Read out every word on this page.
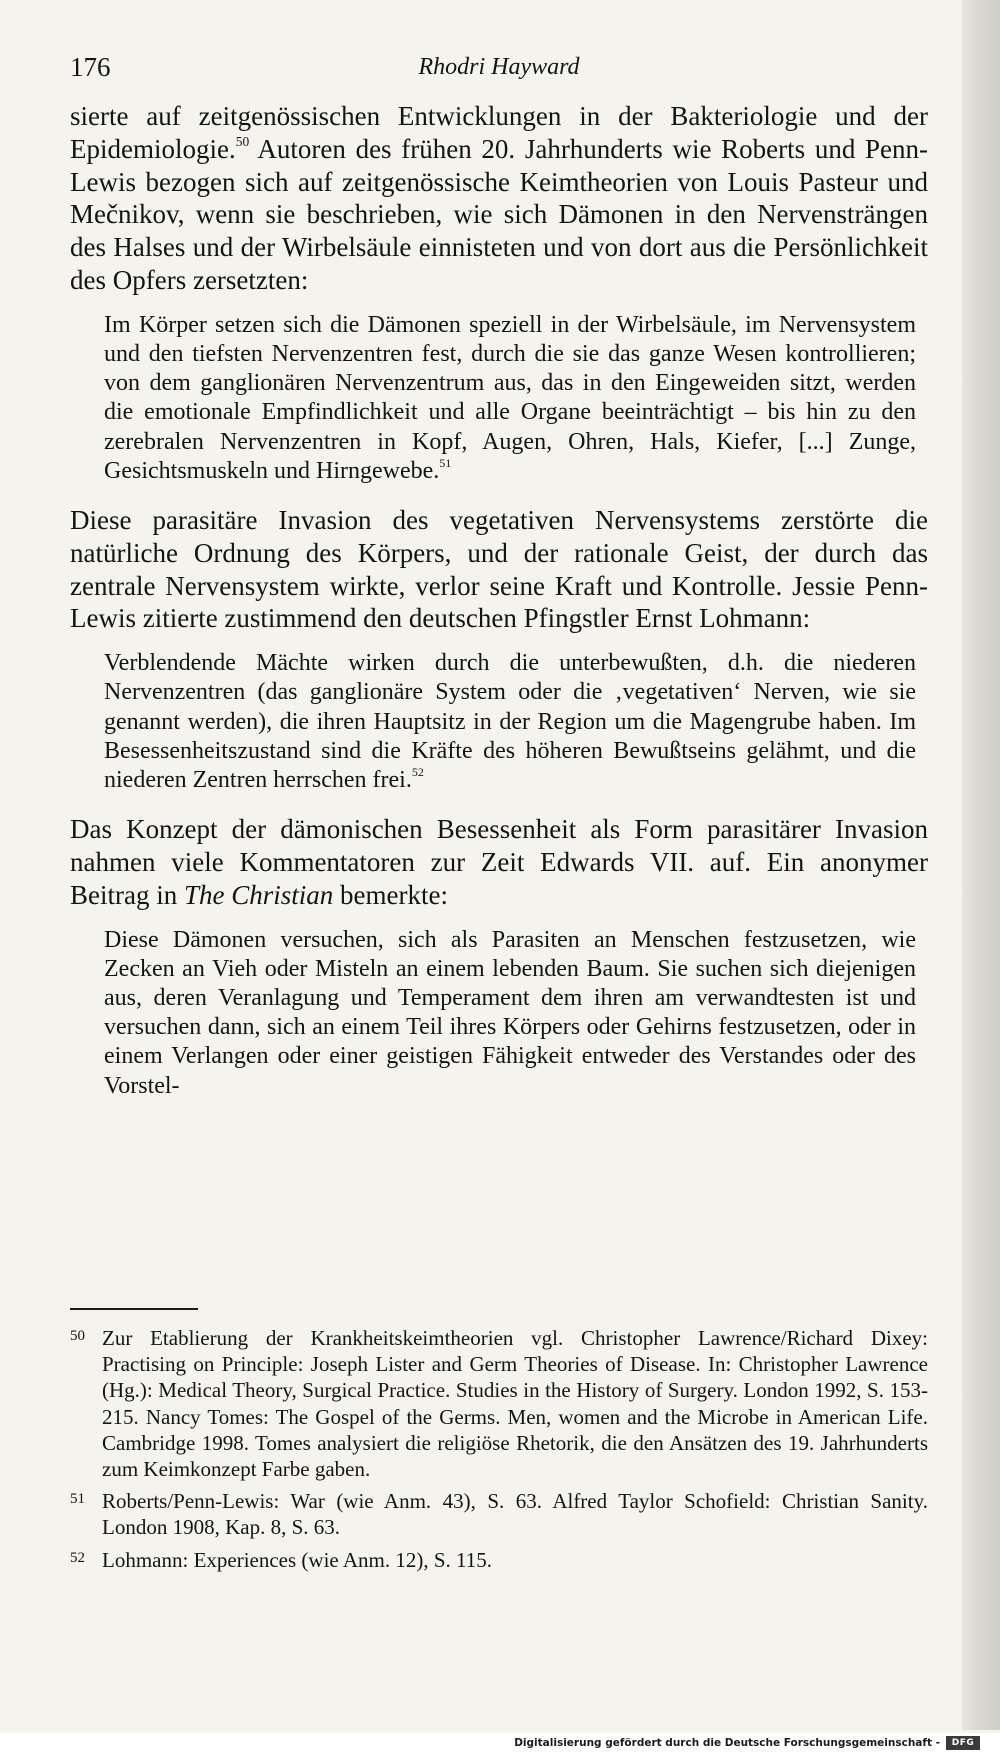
176	Rhodri Hayward

sierte auf zeitgenössischen Entwicklungen in der Bakteriologie und der Epidemiologie.$^{50}$ Autoren des frühen 20. Jahrhunderts wie Roberts und Penn-Lewis bezogen sich auf zeitgenössische Keimtheorien von Louis Pasteur und Mečnikov, wenn sie beschrieben, wie sich Dämonen in den Nervensträngen des Halses und der Wirbelsäule einnisteten und von dort aus die Persönlichkeit des Opfers zersetzten:

Im Körper setzen sich die Dämonen speziell in der Wirbelsäule, im Nervensystem und den tiefsten Nervenzentren fest, durch die sie das ganze Wesen kontrollieren; von dem ganglionären Nervenzentrum aus, das in den Eingeweiden sitzt, werden die emotionale Empfindlichkeit und alle Organe beeinträchtigt – bis hin zu den zerebralen Nervenzentren in Kopf, Augen, Ohren, Hals, Kiefer, [...] Zunge, Gesichtsmuskeln und Hirngewebe.$^{51}$

Diese parasitäre Invasion des vegetativen Nervensystems zerstörte die natürliche Ordnung des Körpers, und der rationale Geist, der durch das zentrale Nervensystem wirkte, verlor seine Kraft und Kontrolle. Jessie Penn-Lewis zitierte zustimmend den deutschen Pfingstler Ernst Lohmann:

Verblendende Mächte wirken durch die unterbewußten, d.h. die niederen Nervenzentren (das ganglionäre System oder die ‚vegetativen‘ Nerven, wie sie genannt werden), die ihren Hauptsitz in der Region um die Magengrube haben. Im Besessenheitszustand sind die Kräfte des höheren Bewußtseins gelähmt, und die niederen Zentren herrschen frei.$^{52}$

Das Konzept der dämonischen Besessenheit als Form parasitärer Invasion nahmen viele Kommentatoren zur Zeit Edwards VII. auf. Ein anonymer Beitrag in The Christian bemerkte:

Diese Dämonen versuchen, sich als Parasiten an Menschen festzusetzen, wie Zecken an Vieh oder Misteln an einem lebenden Baum. Sie suchen sich diejenigen aus, deren Veranlagung und Temperament dem ihren am verwandtesten ist und versuchen dann, sich an einem Teil ihres Körpers oder Gehirns festzusetzen, oder in einem Verlangen oder einer geistigen Fähigkeit entweder des Verstandes oder des Vorstel-

50 Zur Etablierung der Krankheitskeimtheorien vgl. Christopher Lawrence/Richard Dixey: Practising on Principle: Joseph Lister and Germ Theories of Disease. In: Christopher Lawrence (Hg.): Medical Theory, Surgical Practice. Studies in the History of Surgery. London 1992, S. 153-215. Nancy Tomes: The Gospel of the Germs. Men, women and the Microbe in American Life. Cambridge 1998. Tomes analysiert die religiöse Rhetorik, die den Ansätzen des 19. Jahrhunderts zum Keimkonzept Farbe gaben.
51 Roberts/Penn-Lewis: War (wie Anm. 43), S. 63. Alfred Taylor Schofield: Christian Sanity. London 1908, Kap. 8, S. 63.
52 Lohmann: Experiences (wie Anm. 12), S. 115.
Digitalisierung gefördert durch die Deutsche Forschungsgemeinschaft -	DFG
